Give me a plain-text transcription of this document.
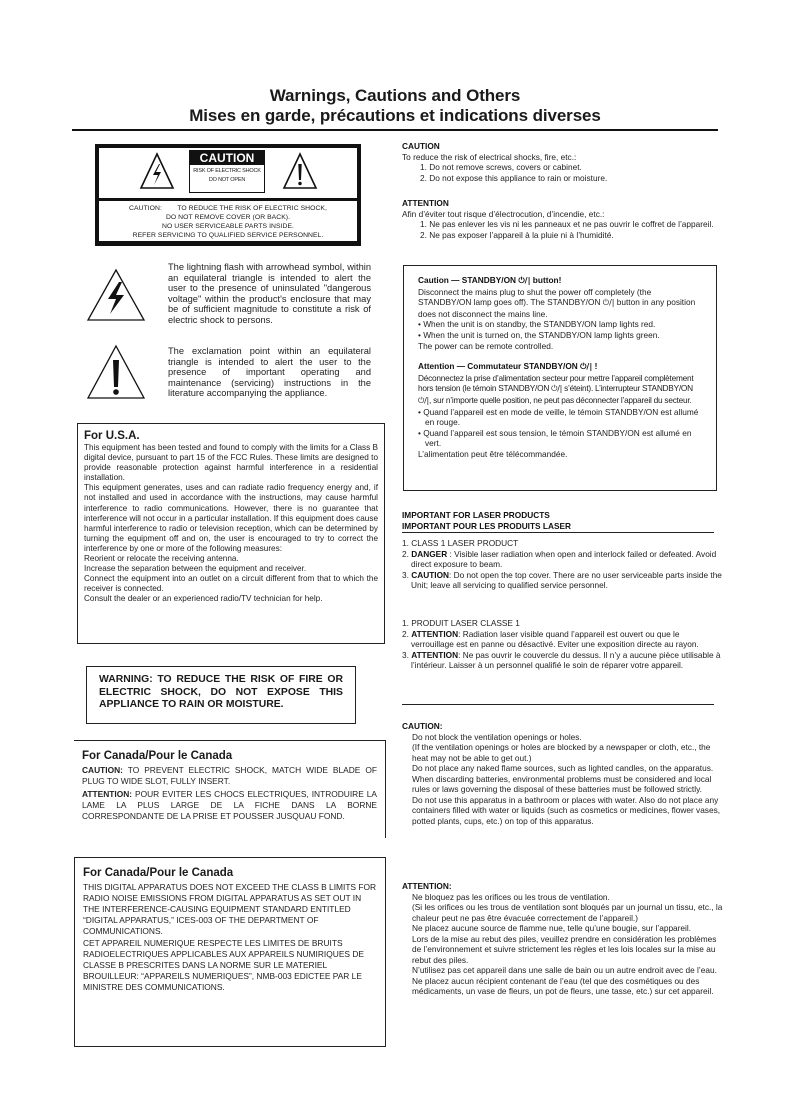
Warnings, Cautions and Others
Mises en garde, précautions et indications diverses
CAUTION
RISK OF ELECTRIC SHOCK
DO NOT OPEN
CAUTION:        TO REDUCE THE RISK OF ELECTRIC SHOCK,
DO NOT REMOVE COVER (OR BACK).
NO USER SERVICEABLE PARTS INSIDE.
REFER SERVICING TO QUALIFIED SERVICE PERSONNEL.
The lightning flash with arrowhead symbol, within an equilateral triangle is intended to alert the user to the presence of uninsulated "dangerous voltage" within the product's enclosure that may be of sufficient magnitude to constitute a risk of electric shock to persons.
The exclamation point within an equilateral triangle is intended to alert the user to the presence of important operating and maintenance (servicing) instructions in the literature accompanying the appliance.
For U.S.A.

This equipment has been tested and found to comply with the limits for a Class B digital device, pursuant to part 15 of the FCC Rules. These limits are designed to provide reasonable protection against harmful interference in a residential installation.

This equipment generates, uses and can radiate radio frequency energy and, if not installed and used in accordance with the instructions, may cause harmful interference to radio communications. However, there is no guarantee that interference will not occur in a particular installation. If this equipment does cause harmful interference to radio or television reception, which can be determined by turning the equipment off and on, the user is encouraged to try to correct the interference by one or more of the following measures:

Reorient or relocate the receiving antenna.

Increase the separation between the equipment and receiver.

Connect the equipment into an outlet on a circuit different from that to which the receiver is connected.

Consult the dealer or an experienced radio/TV technician for help.

WARNING: TO REDUCE THE RISK OF FIRE OR ELECTRIC SHOCK, DO NOT EXPOSE THIS APPLIANCE TO RAIN OR MOISTURE.

For Canada/Pour le Canada

CAUTION: TO PREVENT ELECTRIC SHOCK, MATCH WIDE BLADE OF PLUG TO WIDE SLOT, FULLY INSERT.

ATTENTION: POUR EVITER LES CHOCS ELECTRIQUES, INTRODUIRE LA LAME LA PLUS LARGE DE LA FICHE DANS LA BORNE CORRESPONDANTE DE LA PRISE ET POUSSER JUSQUAU FOND.

For Canada/Pour le Canada

THIS DIGITAL APPARATUS DOES NOT EXCEED THE CLASS B LIMITS FOR RADIO NOISE EMISSIONS FROM DIGITAL APPARATUS AS SET OUT IN THE INTERFERENCE-CAUSING EQUIPMENT STANDARD ENTITLED “DIGITAL APPARATUS,” ICES-003 OF THE DEPARTMENT OF COMMUNICATIONS.

CET APPAREIL NUMERIQUE RESPECTE LES LIMITES DE BRUITS RADIOELECTRIQUES APPLICABLES AUX APPAREILS NUMIRIQUES DE CLASSE B PRESCRITES DANS LA NORME SUR LE MATERIEL BROUILLEUR: “APPAREILS NUMERIQUES”, NMB-003 EDICTEE PAR LE MINISTRE DES COMMUNICATIONS.

CAUTION
To reduce the risk of electrical shocks, fire, etc.:
1. Do not remove screws, covers or cabinet.
2. Do not expose this appliance to rain or moisture.
ATTENTION
Afin d’éviter tout risque d’électrocution, d’incendie, etc.:
1. Ne pas enlever les vis ni les panneaux et ne pas ouvrir le coffret de l’appareil.
2. Ne pas exposer l’appareil à la pluie ni à l’humidité.

Caution — STANDBY/ON ⏻/| button!

Disconnect the mains plug to shut the power off completely (the STANDBY/ON lamp goes off). The STANDBY/ON ⏻/| button in any position does not disconnect the mains line.

• When the unit is on standby, the STANDBY/ON lamp lights red.

• When the unit is turned on, the STANDBY/ON lamp lights green.

The power can be remote controlled.

Attention — Commutateur STANDBY/ON ⏻/| !

Déconnectez la prise d’alimentation secteur pour mettre l’appareil complètement hors tension (le témoin STANDBY/ON ⏻/| s’éteint). L’interrupteur STANDBY/ON ⏻/|, sur n’importe quelle position, ne peut pas déconnecter l’appareil du secteur.

• Quand l’appareil est en mode de veille, le témoin STANDBY/ON est allumé en rouge.

• Quand l’appareil est sous tension, le témoin STANDBY/ON est allumé en vert.

L’alimentation peut être télécommandée.

IMPORTANT FOR LASER PRODUCTS
IMPORTANT POUR LES PRODUITS LASER
1. CLASS 1 LASER PRODUCT
2. DANGER : Visible laser radiation when open and interlock failed or defeated. Avoid direct exposure to beam.
3. CAUTION: Do not open the top cover. There are no user serviceable parts inside the Unit; leave all servicing to qualified service personnel.
1. PRODUIT LASER CLASSE 1
2. ATTENTION: Radiation laser visible quand l’appareil est ouvert ou que le verrouillage est en panne ou désactivé. Eviter une exposition directe au rayon.
3. ATTENTION: Ne pas ouvrir le couvercle du dessus. Il n’y a aucune pièce utilisable à l’intérieur. Laisser à un personnel qualifié le soin de réparer votre appareil.
CAUTION:
Do not block the ventilation openings or holes.
(If the ventilation openings or holes are blocked by a newspaper or cloth, etc., the heat may not be able to get out.)
Do not place any naked flame sources, such as lighted candles, on the apparatus.
When discarding batteries, environmental problems must be considered and local rules or laws governing the disposal of these batteries must be followed strictly.
Do not use this apparatus in a bathroom or places with water. Also do not place any containers filled with water or liquids (such as cosmetics or medicines, flower vases, potted plants, cups, etc.) on top of this apparatus.
ATTENTION:
Ne bloquez pas les orifices ou les trous de ventilation.
(Si les orifices ou les trous de ventilation sont bloqués par un journal un tissu, etc., la chaleur peut ne pas être évacuée correctement de l’appareil.)
Ne placez aucune source de flamme nue, telle qu’une bougie, sur l’appareil.
Lors de la mise au rebut des piles, veuillez prendre en considération les problèmes de l’environnement et suivre strictement les règles et les lois locales sur la mise au rebut des piles.
N’utilisez pas cet appareil dans une salle de bain ou un autre endroit avec de l’eau. Ne placez aucun récipient contenant de l’eau (tel que des cosmétiques ou des médicaments, un vase de fleurs, un pot de fleurs, une tasse, etc.) sur cet appareil.
